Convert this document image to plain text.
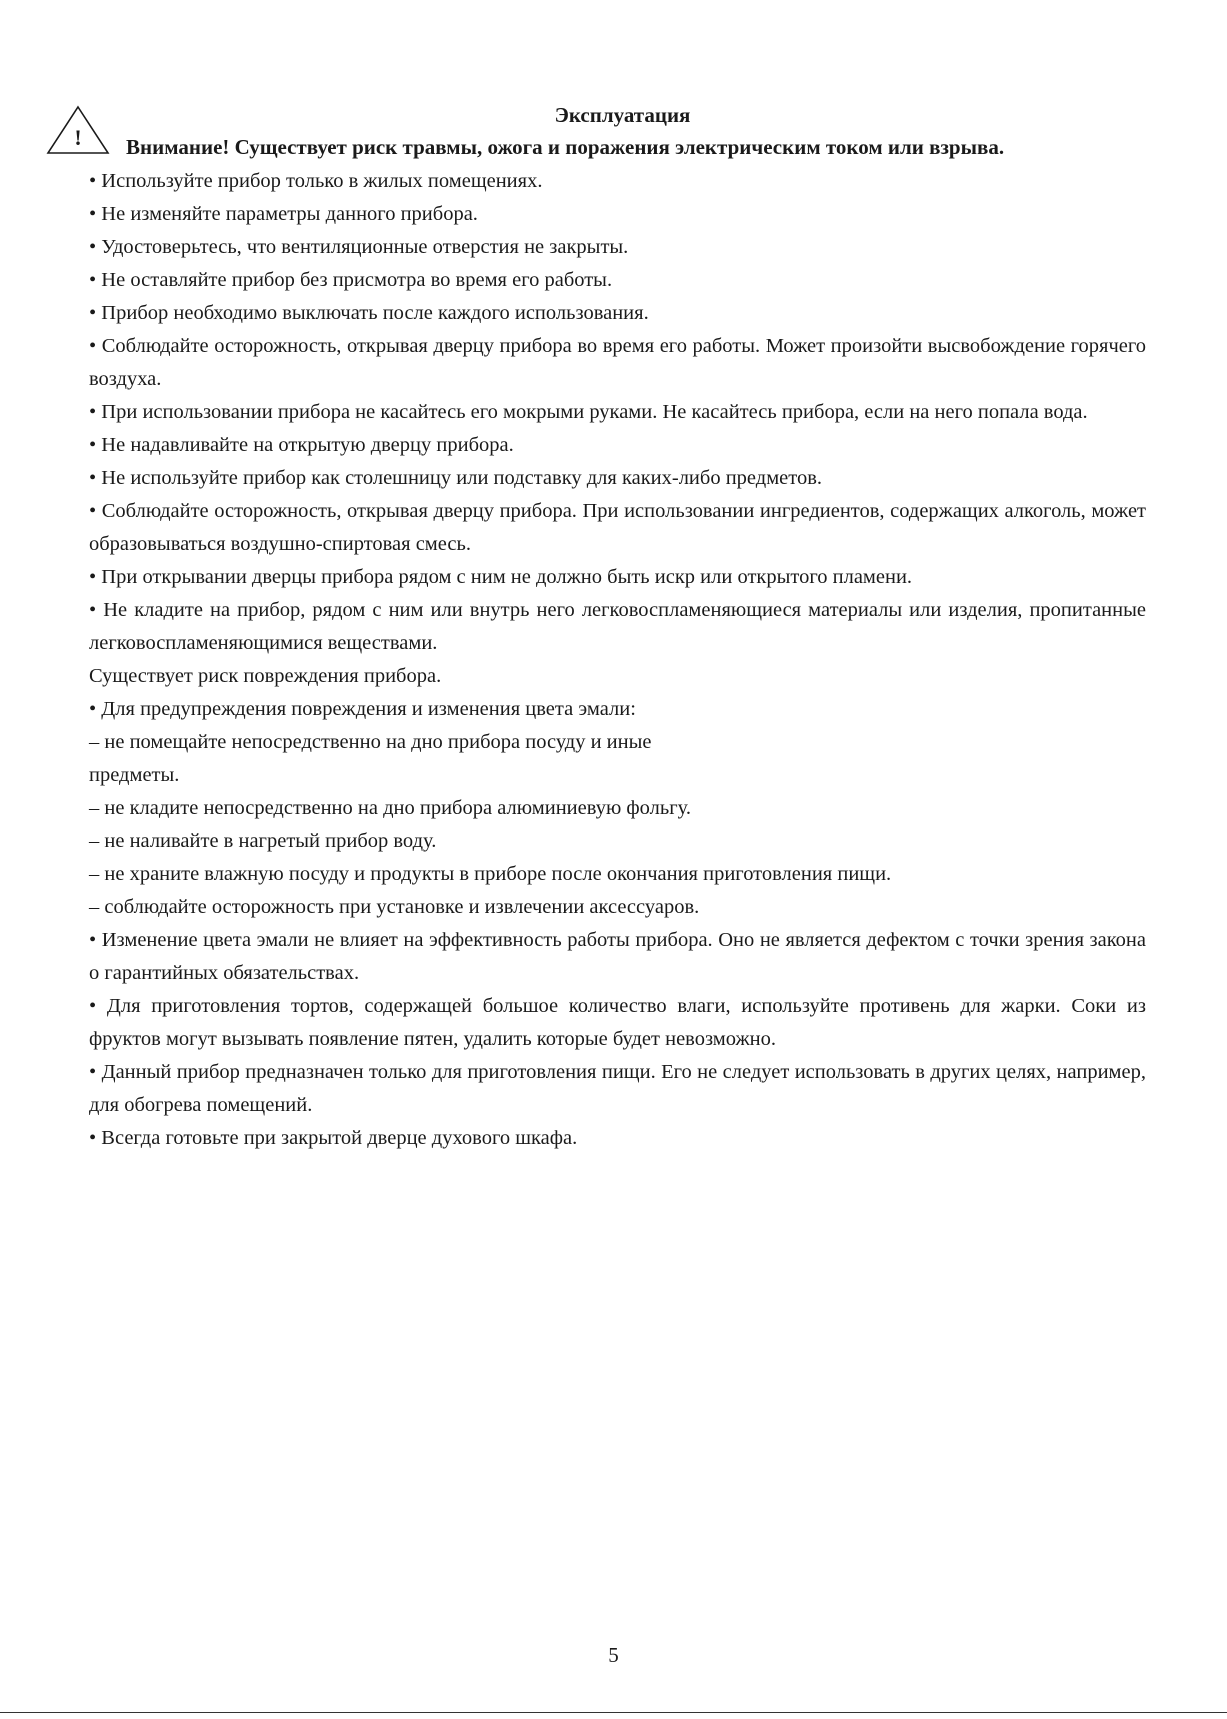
!
Эксплуатация
Внимание! Существует риск травмы, ожога и поражения электрическим током или взрыва.

• Используйте прибор только в жилых помещениях.

• Не изменяйте параметры данного прибора.

• Удостоверьтесь, что вентиляционные отверстия не закрыты.

• Не оставляйте прибор без присмотра во время его работы.

• Прибор необходимо выключать после каждого использования.

• Соблюдайте осторожность, открывая дверцу прибора во время его работы. Может произойти высвобождение горячего воздуха.

• При использовании прибора не касайтесь его мокрыми руками. Не касайтесь прибора, если на него попала вода.

• Не надавливайте на открытую дверцу прибора.

• Не используйте прибор как столешницу или подставку для каких-либо предметов.

• Соблюдайте осторожность, открывая дверцу прибора. При использовании ингредиентов, содержащих алкоголь, может образовываться воздушно-спиртовая смесь.

• При открывании дверцы прибора рядом с ним не должно быть искр или открытого пламени.

• Не кладите на прибор, рядом с ним или внутрь него легковоспламеняющиеся материалы или изделия, пропитанные легковоспламеняющимися веществами.

Существует риск повреждения прибора.

• Для предупреждения повреждения и изменения цвета эмали:

– не помещайте непосредственно на дно прибора посуду и иные

предметы.

– не кладите непосредственно на дно прибора алюминиевую фольгу.

– не наливайте в нагретый прибор воду.

– не храните влажную посуду и продукты в приборе после окончания приготовления пищи.

– соблюдайте осторожность при установке и извлечении аксессуаров.

• Изменение цвета эмали не влияет на эффективность работы прибора. Оно не является дефектом с точки зрения закона о гарантийных обязательствах.

• Для приготовления тортов, содержащей большое количество влаги, используйте противень для жарки. Соки из фруктов могут вызывать появление пятен, удалить которые будет невозможно.

• Данный прибор предназначен только для приготовления пищи. Его не следует использовать в других целях, например, для обогрева помещений.

• Всегда готовьте при закрытой дверце духового шкафа.

5
